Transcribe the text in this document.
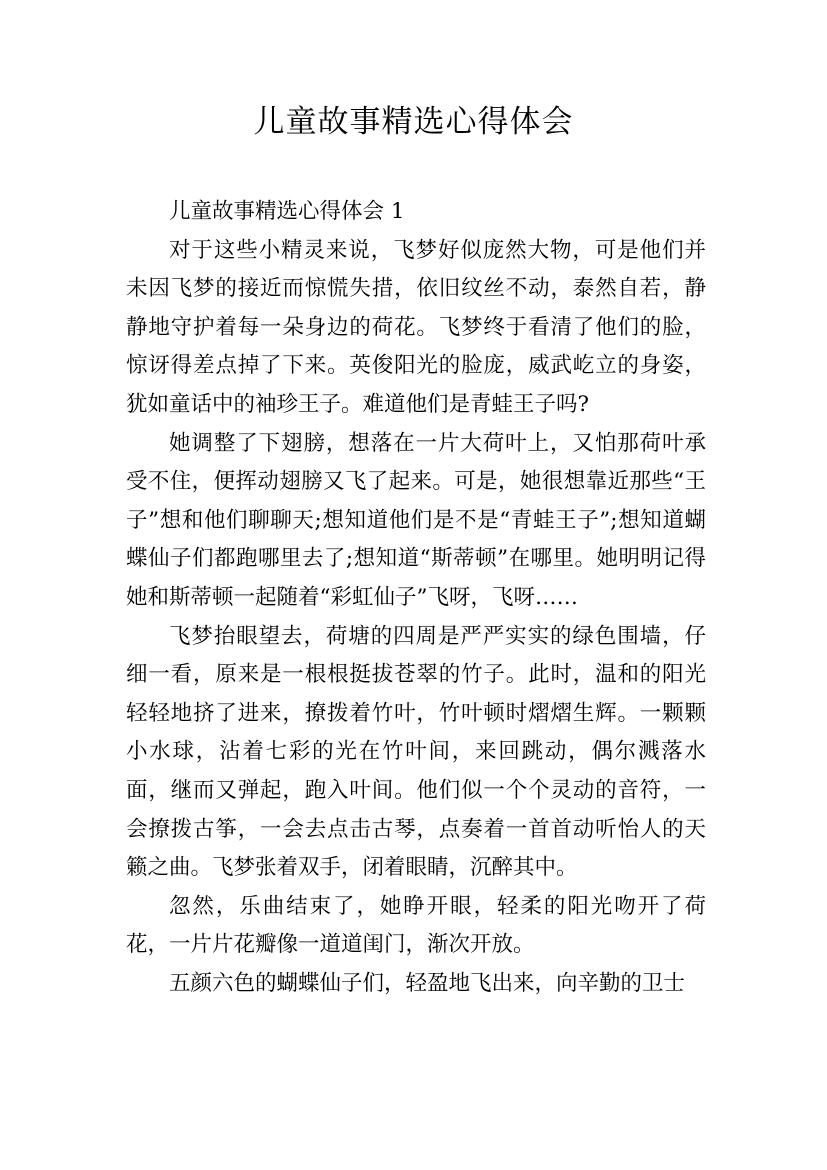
儿童故事精选心得体会

儿童故事精选心得体会 1

对于这些小精灵来说，飞梦好似庞然大物，可是他们并未因飞梦的接近而惊慌失措，依旧纹丝不动，泰然自若，静静地守护着每一朵身边的荷花。飞梦终于看清了他们的脸，惊讶得差点掉了下来。英俊阳光的脸庞，威武屹立的身姿，犹如童话中的袖珍王子。难道他们是青蛙王子吗?

她调整了下翅膀，想落在一片大荷叶上，又怕那荷叶承受不住，便挥动翅膀又飞了起来。可是，她很想靠近那些“王子”想和他们聊聊天;想知道他们是不是“青蛙王子”;想知道蝴蝶仙子们都跑哪里去了;想知道“斯蒂顿”在哪里。她明明记得她和斯蒂顿一起随着“彩虹仙子”飞呀，飞呀……

飞梦抬眼望去，荷塘的四周是严严实实的绿色围墙，仔细一看，原来是一根根挺拔苍翠的竹子。此时，温和的阳光轻轻地挤了进来，撩拨着竹叶，竹叶顿时熠熠生辉。一颗颗小水球，沾着七彩的光在竹叶间，来回跳动，偶尔溅落水面，继而又弹起，跑入叶间。他们似一个个灵动的音符，一会撩拨古筝，一会去点击古琴，点奏着一首首动听怡人的天籁之曲。飞梦张着双手，闭着眼睛，沉醉其中。

忽然，乐曲结束了，她睁开眼，轻柔的阳光吻开了荷花，一片片花瓣像一道道闺门，渐次开放。

五颜六色的蝴蝶仙子们，轻盈地飞出来，向辛勤的卫士
